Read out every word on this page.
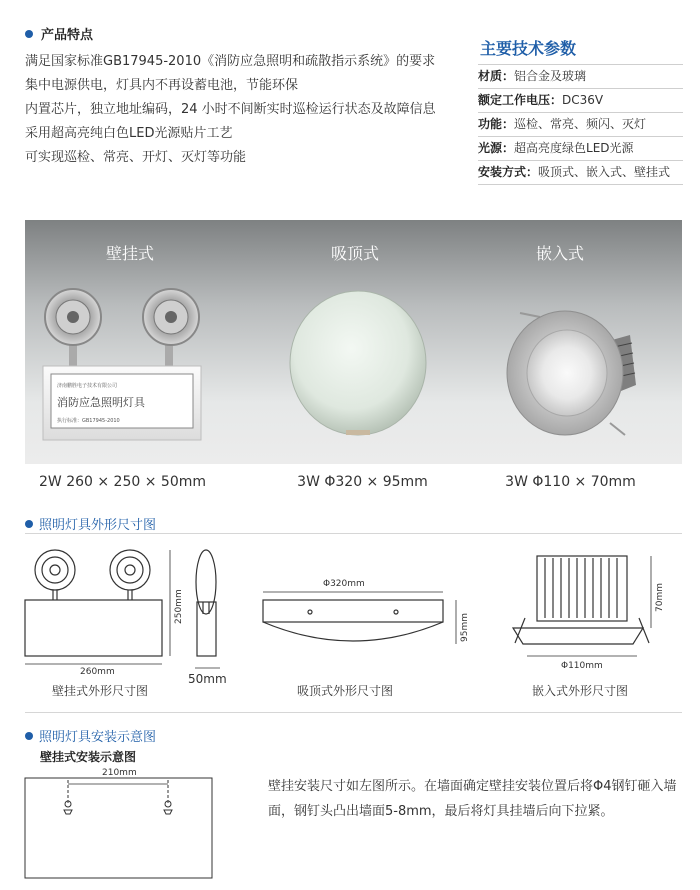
产品特点
满足国家标准GB17945-2010《消防应急照明和疏散指示系统》的要求
集中电源供电，灯具内不再设蓄电池，节能环保
内置芯片，独立地址编码，24 小时不间断实时巡检运行状态及故障信息
采用超高亮纯白色LED光源贴片工艺
可实现巡检、常亮、开灯、灭灯等功能
主要技术参数
材质：铝合金及玻璃
额定工作电压：DC36V
功能：巡检、常亮、频闪、灭灯
光源：超高亮度绿色LED光源
安装方式：吸顶式、嵌入式、壁挂式
壁挂式	吸顶式	嵌入式
济南鹏胜电子技术有限公司
消防应急照明灯具
执行标准：GB17945-2010
2W 260 × 250 × 50mm	3W Φ320 × 95mm	3W Φ110 × 70mm
照明灯具外形尺寸图
260mm
250mm
50mm
壁挂式外形尺寸图
Φ320mm
95mm
吸顶式外形尺寸图
Φ110mm
70mm
嵌入式外形尺寸图
照明灯具安装示意图
壁挂式安装示意图
210mm
壁挂安装尺寸如左图所示。在墙面确定壁挂安装位置后将Φ4钢钉砸入墙面，钢钉头凸出墙面5-8mm，最后将灯具挂墙后向下拉紧。
